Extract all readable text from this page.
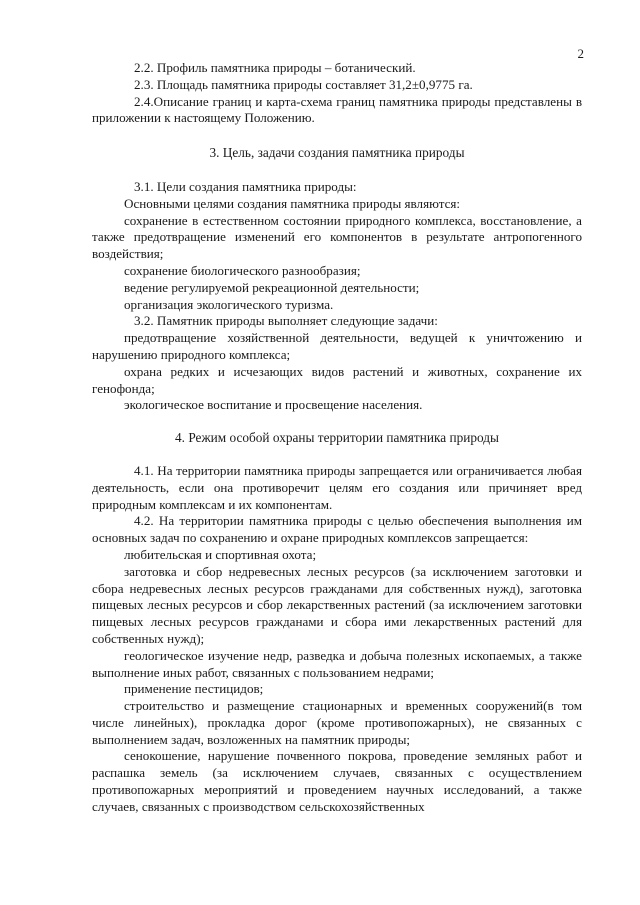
2

2.2. Профиль памятника природы – ботанический.

2.3. Площадь памятника природы составляет 31,2±0,9775 га.

2.4.Описание границ и карта-схема границ памятника природы представлены в приложении к настоящему Положению.

3. Цель, задачи создания памятника природы

3.1. Цели создания памятника природы:

Основными целями создания памятника природы являются:

сохранение в естественном состоянии природного комплекса, восстановление, а также предотвращение изменений его компонентов в результате антропогенного воздействия;

сохранение биологического разнообразия;

ведение регулируемой рекреационной деятельности;

организация экологического туризма.

3.2. Памятник природы выполняет следующие задачи:

предотвращение хозяйственной деятельности, ведущей к уничтожению и нарушению природного комплекса;

охрана редких и исчезающих видов растений и животных, сохранение их генофонда;

экологическое воспитание и просвещение населения.

4. Режим особой охраны территории памятника природы

4.1. На территории памятника природы запрещается или ограничивается любая деятельность, если она противоречит целям его создания или причиняет вред природным комплексам и их компонентам.

4.2. На территории памятника природы с целью обеспечения выполнения им основных задач по сохранению и охране природных комплексов запрещается:

любительская и спортивная охота;

заготовка и сбор недревесных лесных ресурсов (за исключением заготовки и сбора недревесных лесных ресурсов гражданами для собственных нужд), заготовка пищевых лесных ресурсов и сбор лекарственных растений (за исключением заготовки пищевых лесных ресурсов гражданами и сбора ими лекарственных растений для собственных нужд);

геологическое изучение недр, разведка и добыча полезных ископаемых, а также выполнение иных работ, связанных с пользованием недрами;

применение пестицидов;

строительство и размещение стационарных и временных сооружений(в том числе линейных), прокладка дорог (кроме противопожарных), не связанных с выполнением задач, возложенных на памятник природы;

сенокошение, нарушение почвенного покрова, проведение земляных работ и распашка земель (за исключением случаев, связанных с осуществлением противопожарных мероприятий и проведением научных исследований, а также случаев, связанных с производством сельскохозяйственных
